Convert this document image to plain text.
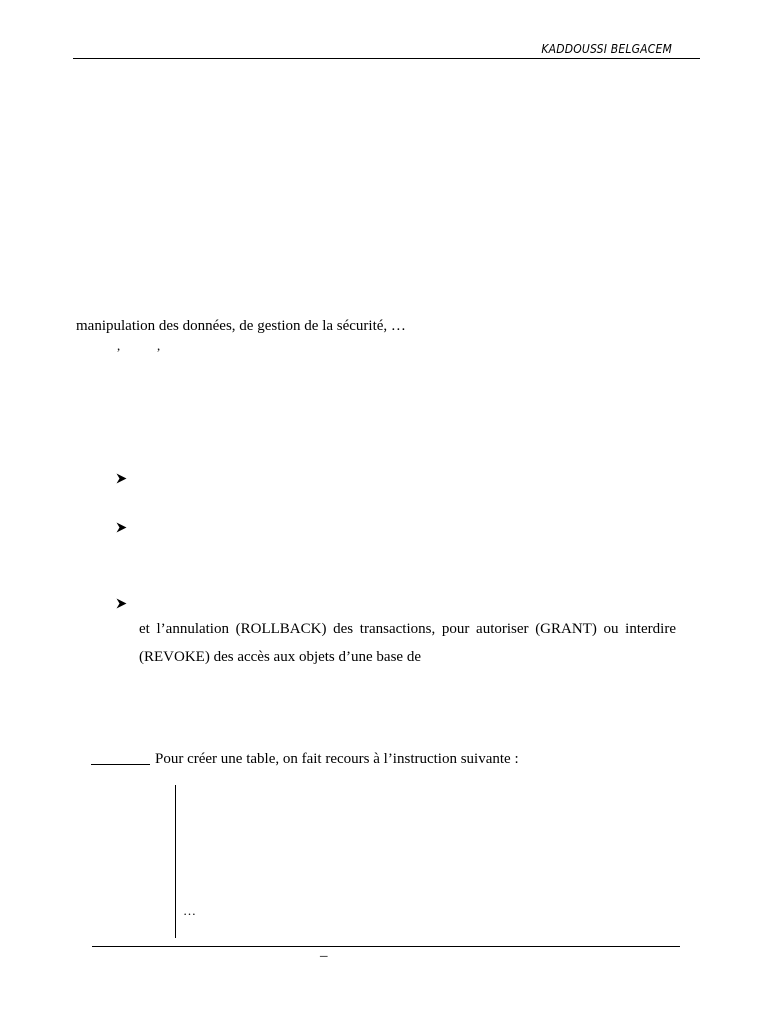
KADDOUSSI BELGACEM
manipulation des données, de gestion de la sécurité, …
,	,
et l’annulation (ROLLBACK) des transactions, pour autoriser (GRANT) ou interdire
(REVOKE) des accès aux objets d’une base de
Pour créer une table, on fait recours à l’instruction suivante :
…
–
